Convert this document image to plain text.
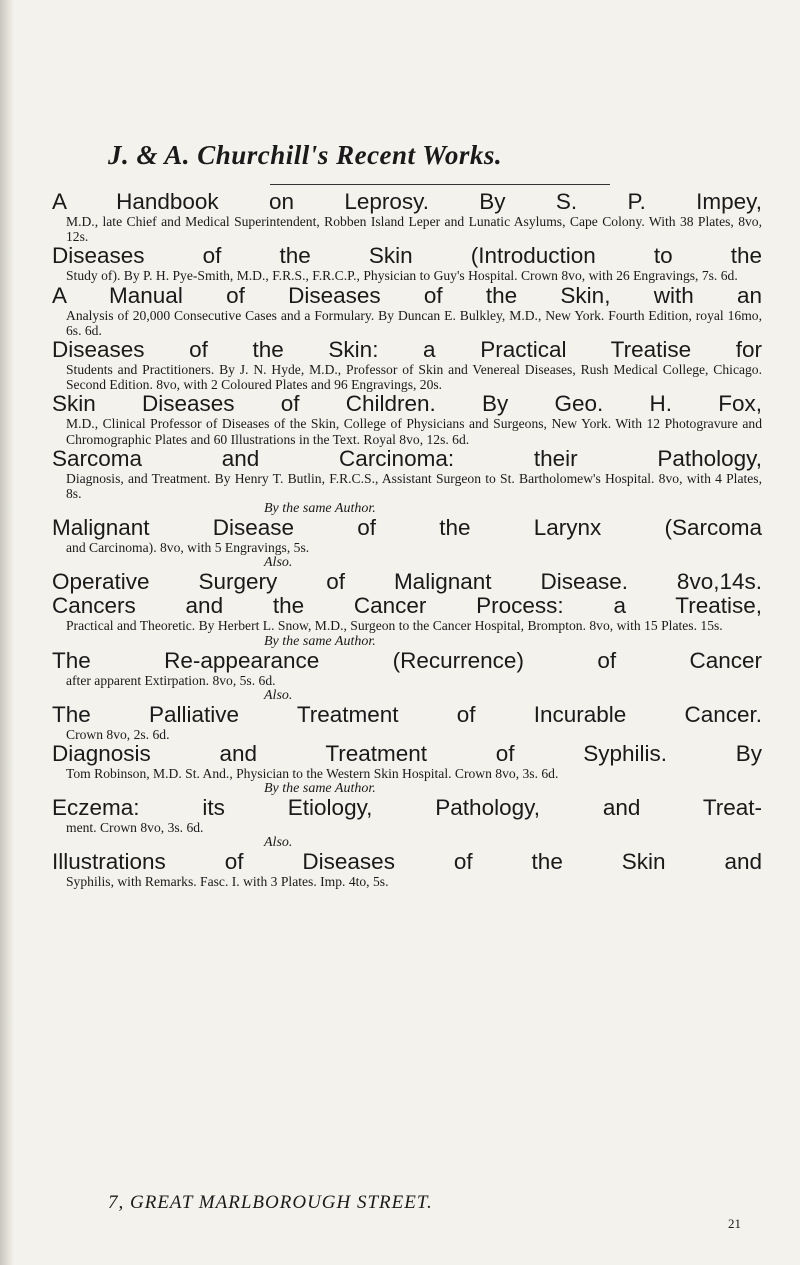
J. & A. Churchill's Recent Works.

A Handbook on Leprosy. By S. P. Impey,

M.D., late Chief and Medical Superintendent, Robben Island Leper and Lunatic Asylums, Cape Colony. With 38 Plates, 8vo, 12s.

Diseases of the Skin (Introduction to the

Study of). By P. H. Pye-Smith, M.D., F.R.S., F.R.C.P., Physician to Guy's Hospital. Crown 8vo, with 26 Engravings, 7s. 6d.

A Manual of Diseases of the Skin, with an

Analysis of 20,000 Consecutive Cases and a Formulary. By Duncan E. Bulkley, M.D., New York. Fourth Edition, royal 16mo, 6s. 6d.

Diseases of the Skin: a Practical Treatise for

Students and Practitioners. By J. N. Hyde, M.D., Professor of Skin and Venereal Diseases, Rush Medical College, Chicago. Second Edition. 8vo, with 2 Coloured Plates and 96 Engravings, 20s.

Skin Diseases of Children. By Geo. H. Fox,

M.D., Clinical Professor of Diseases of the Skin, College of Physicians and Surgeons, New York. With 12 Photogravure and Chromographic Plates and 60 Illustrations in the Text. Royal 8vo, 12s. 6d.

Sarcoma and Carcinoma: their Pathology,

Diagnosis, and Treatment. By Henry T. Butlin, F.R.C.S., Assistant Surgeon to St. Bartholomew's Hospital. 8vo, with 4 Plates, 8s.

By the same Author.

Malignant Disease of the Larynx (Sarcoma

and Carcinoma). 8vo, with 5 Engravings, 5s.

Also.

Operative Surgery of Malignant Disease. 8vo,14s.

Cancers and the Cancer Process: a Treatise,

Practical and Theoretic. By Herbert L. Snow, M.D., Surgeon to the Cancer Hospital, Brompton. 8vo, with 15 Plates. 15s.

By the same Author.

The Re-appearance (Recurrence) of Cancer

after apparent Extirpation. 8vo, 5s. 6d.

Also.

The Palliative Treatment of Incurable Cancer.

Crown 8vo, 2s. 6d.

Diagnosis and Treatment of Syphilis. By

Tom Robinson, M.D. St. And., Physician to the Western Skin Hospital. Crown 8vo, 3s. 6d.

By the same Author.

Eczema: its Etiology, Pathology, and Treat-

ment. Crown 8vo, 3s. 6d.

Also.

Illustrations of Diseases of the Skin and

Syphilis, with Remarks. Fasc. I. with 3 Plates. Imp. 4to, 5s.

7, GREAT MARLBOROUGH STREET.
21
